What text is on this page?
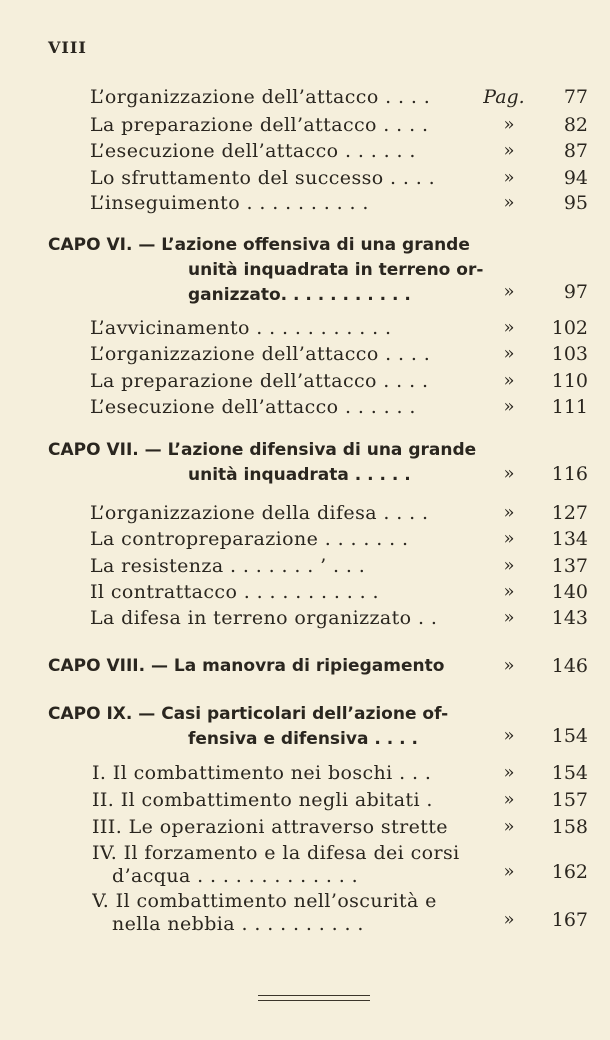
VIII
L’organizzazione dell’attacco . . . .	Pag.	77
La preparazione dell’attacco . . . .	»	82
L’esecuzione dell’attacco . . . . . .	»	87
Lo sfruttamento del successo . . . .	»	94
L’inseguimento . . . . . . . . . .	»	95
CAPO VI. — L’azione offensiva di una grande
unità inquadrata in terreno or-
ganizzato. . . . . . . . . . .	»	97
L’avvicinamento . . . . . . . . . . .	»	102
L’organizzazione dell’attacco . . . .	»	103
La preparazione dell’attacco . . . .	»	110
L’esecuzione dell’attacco . . . . . .	»	111
CAPO VII. — L’azione difensiva di una grande
unità inquadrata . . . . .	»	116
L’organizzazione della difesa . . . .	»	127
La contropreparazione . . . . . . .	»	134
La resistenza . . . . . . . ’ . . .	»	137
Il contrattacco . . . . . . . . . . .	»	140
La difesa in terreno organizzato . .	»	143
CAPO VIII. — La manovra di ripiegamento	»	146
CAPO IX. — Casi particolari dell’azione of-
fensiva e difensiva . . . .	»	154
I. Il combattimento nei boschi . . .	»	154
II. Il combattimento negli abitati .	»	157
III. Le operazioni attraverso strette	»	158
IV. Il forzamento e la difesa dei corsi
d’acqua . . . . . . . . . . . . .	»	162
V. Il combattimento nell’oscurità e
nella nebbia . . . . . . . . . .	»	167
